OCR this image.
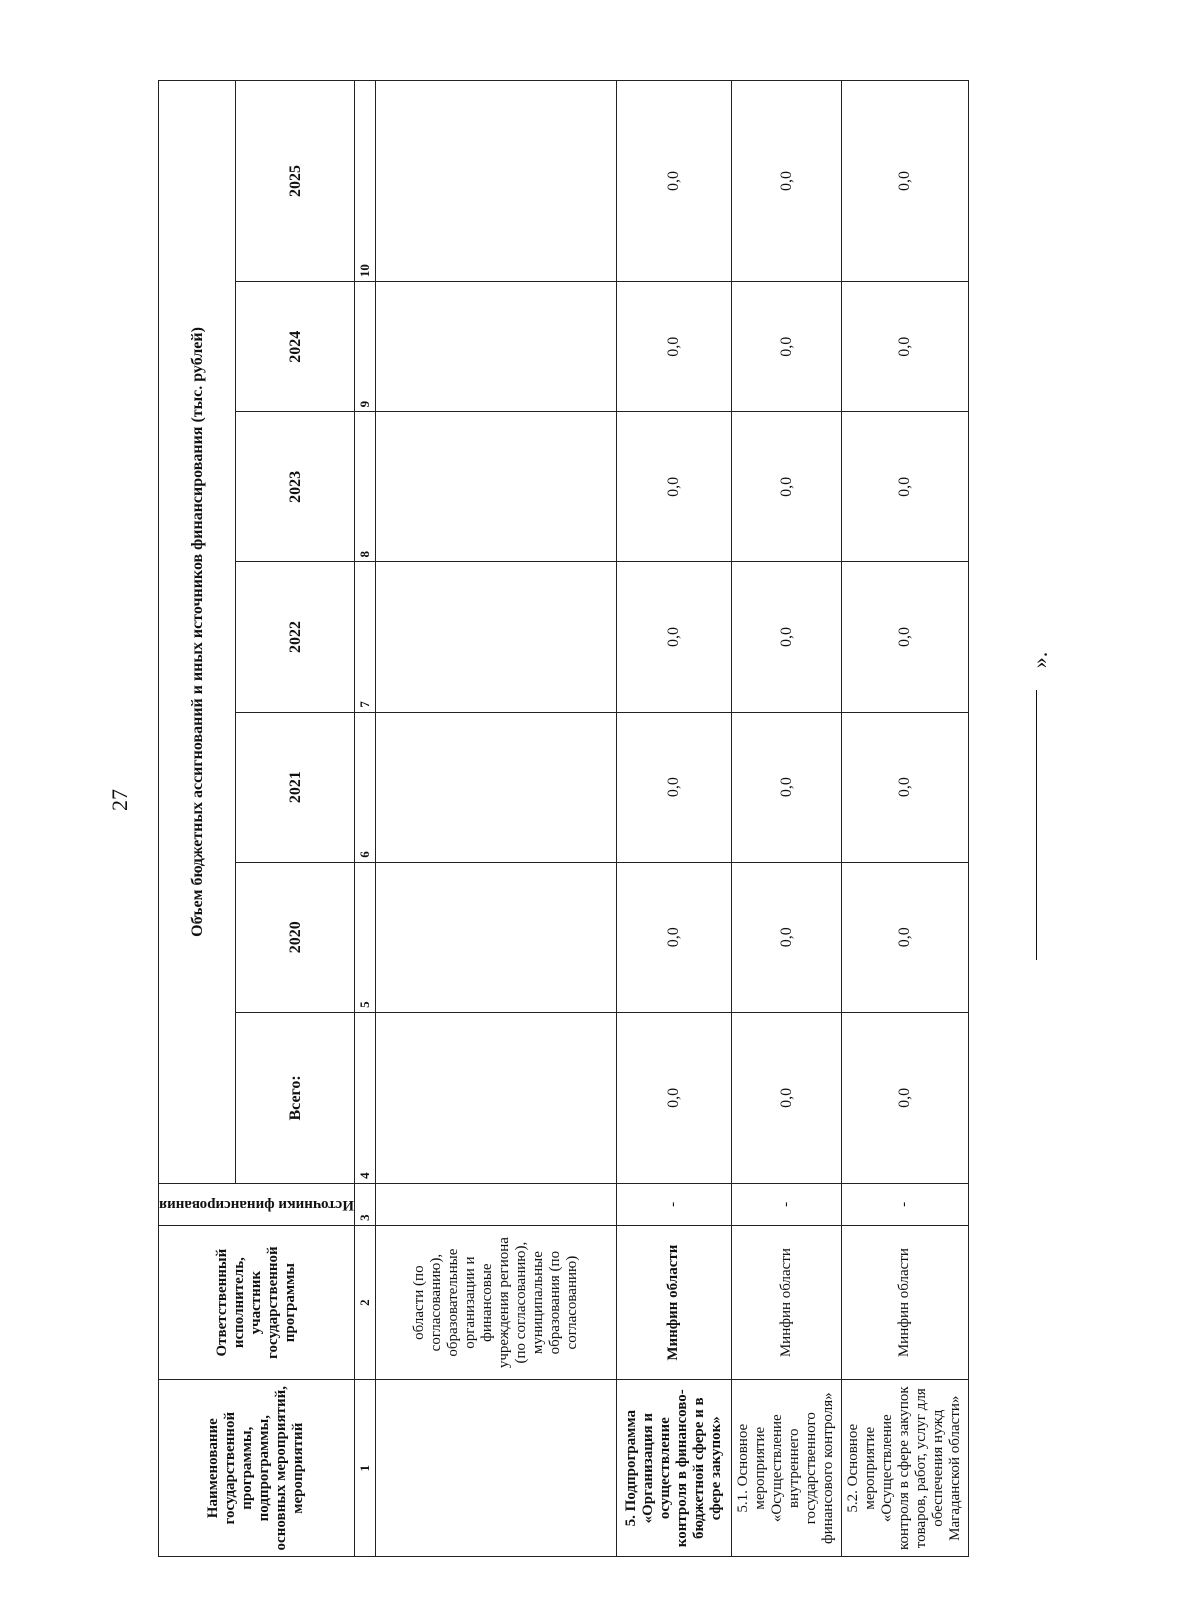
27
Наименование государственной программы, подпрограммы, основных мероприятий, мероприятий	Ответственный исполнитель, участник государственной программы	Источники финансирования	Объем бюджетных ассигнований и иных источников финансирования (тыс. рублей)						
			Всего:	2020	2021	2022	2023	2024	2025
1	2	3	4	5	6	7	8	9	10
	области (по согласованию), образовательные организации и финансовые учреждения региона (по согласованию), муниципальные образования (по согласованию)								
5. Подпрограмма «Организация и осуществление контроля в финансово-бюджетной сфере и в сфере закупок»	Минфин области	-	0,0	0,0	0,0	0,0	0,0	0,0	0,0
5.1. Основное мероприятие «Осуществление внутреннего государственного финансового контроля»	Минфин области	-	0,0	0,0	0,0	0,0	0,0	0,0	0,0
5.2. Основное мероприятие «Осуществление контроля в сфере закупок товаров, работ, услуг для обеспечения нужд Магаданской области»	Минфин области	-	0,0	0,0	0,0	0,0	0,0	0,0	0,0
».
